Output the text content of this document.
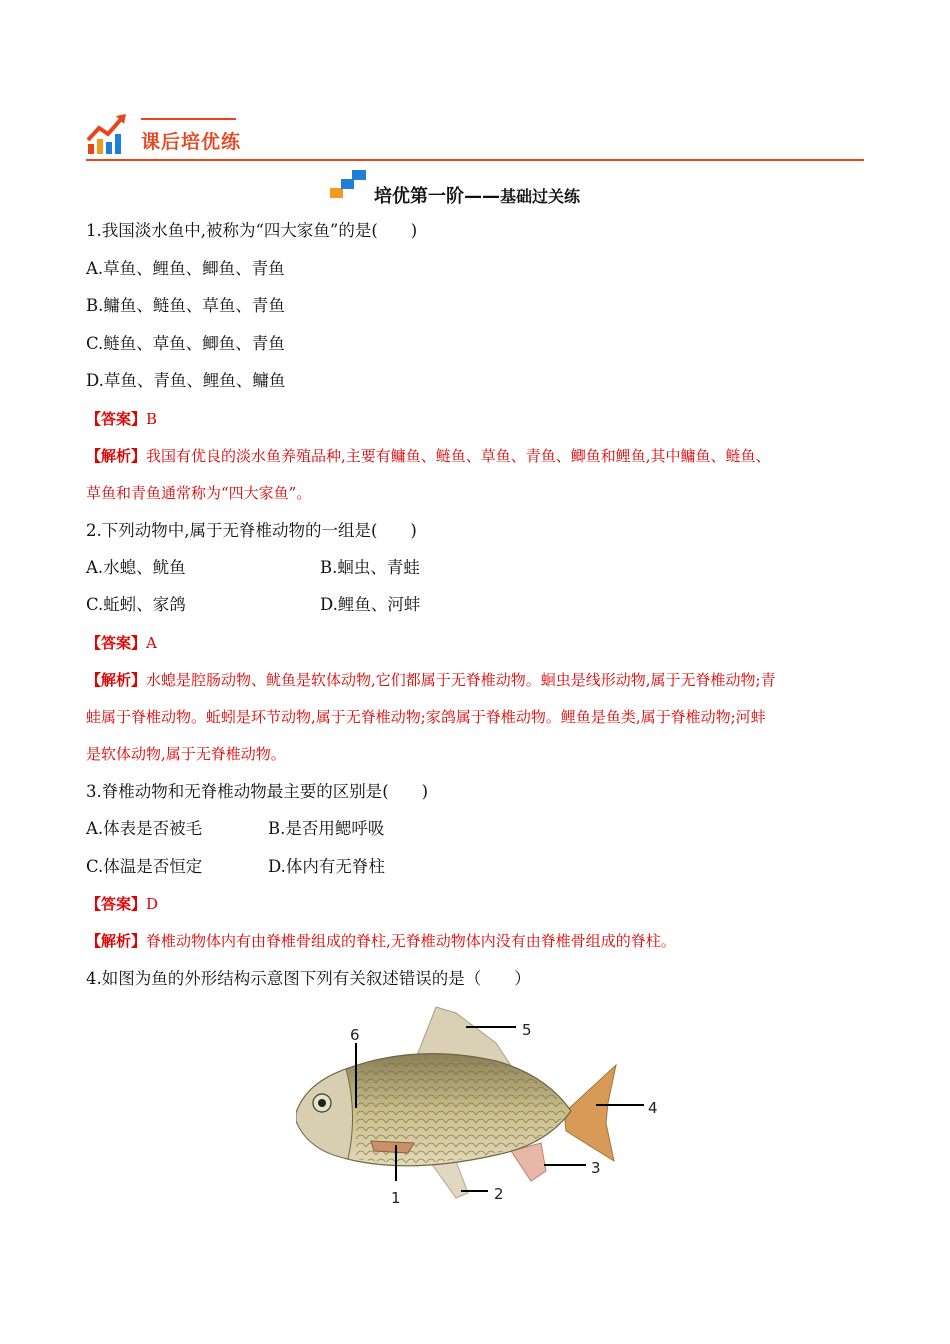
课后培优练
培优第一阶——基础过关练
1.我国淡水鱼中,被称为“四大家鱼”的是(　　)
A.草鱼、鲤鱼、鲫鱼、青鱼
B.鳙鱼、鲢鱼、草鱼、青鱼
C.鲢鱼、草鱼、鲫鱼、青鱼
D.草鱼、青鱼、鲤鱼、鳙鱼
【答案】B
【解析】我国有优良的淡水鱼养殖品种,主要有鳙鱼、鲢鱼、草鱼、青鱼、鲫鱼和鲤鱼,其中鳙鱼、鲢鱼、
草鱼和青鱼通常称为“四大家鱼”。
2.下列动物中,属于无脊椎动物的一组是(　　)
A.水螅、鱿鱼	B.蛔虫、青蛙
C.蚯蚓、家鸽	D.鲤鱼、河蚌
【答案】A
【解析】水螅是腔肠动物、鱿鱼是软体动物,它们都属于无脊椎动物。蛔虫是线形动物,属于无脊椎动物;青
蛙属于脊椎动物。蚯蚓是环节动物,属于无脊椎动物;家鸽属于脊椎动物。鲤鱼是鱼类,属于脊椎动物;河蚌
是软体动物,属于无脊椎动物。
3.脊椎动物和无脊椎动物最主要的区别是(　　)
A.体表是否被毛	B.是否用鳃呼吸
C.体温是否恒定	D.体内有无脊柱
【答案】D
【解析】脊椎动物体内有由脊椎骨组成的脊柱,无脊椎动物体内没有由脊椎骨组成的脊柱。
4.如图为鱼的外形结构示意图下列有关叙述错误的是（　　）
6	5
4
3
2
1
